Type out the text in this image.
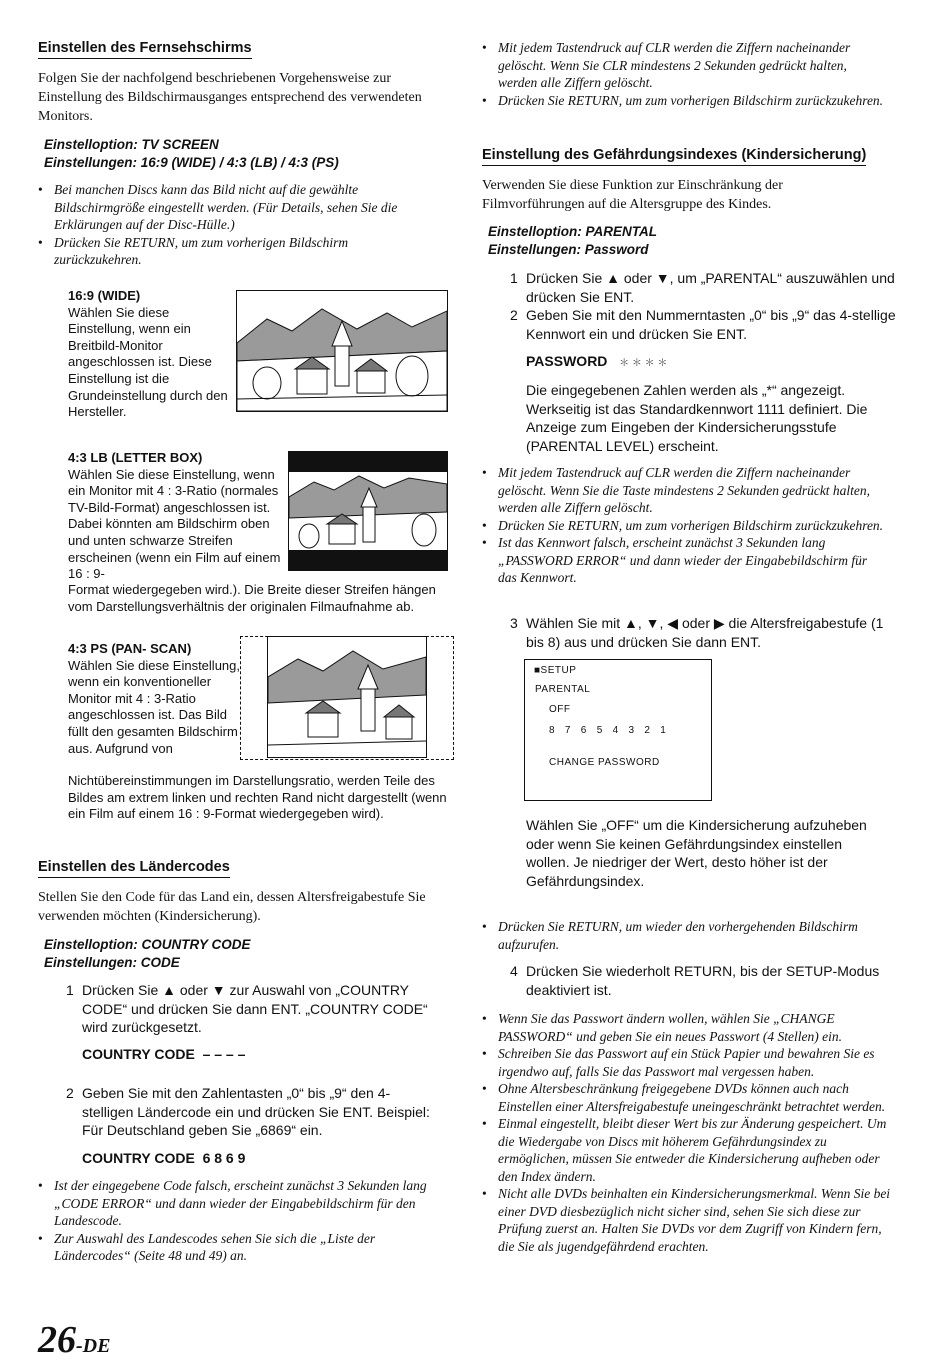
Einstellen des Fernsehschirms
Folgen Sie der nachfolgend beschriebenen Vorgehensweise zur Einstellung des Bildschirmausganges entsprechend des verwendeten Monitors.
Einstelloption: TV SCREEN
Einstellungen: 16:9 (WIDE) / 4:3 (LB) / 4:3 (PS)
• Bei manchen Discs kann das Bild nicht auf die gewählte Bildschirmgröße eingestellt werden. (Für Details, sehen Sie die Erklärungen auf der Disc-Hülle.)
• Drücken Sie RETURN, um zum vorherigen Bildschirm zurückzukehren.
16:9 (WIDE)
Wählen Sie diese Einstellung, wenn ein Breitbild-Monitor angeschlossen ist. Diese Einstellung ist die Grundeinstellung durch den Hersteller.
4:3 LB (LETTER BOX)
Wählen Sie diese Einstellung, wenn ein Monitor mit 4 : 3-Ratio (normales TV-Bild-Format) angeschlossen ist. Dabei könnten am Bildschirm oben und unten schwarze Streifen erscheinen (wenn ein Film auf einem 16 : 9-
Format wiedergegeben wird.). Die Breite dieser Streifen hängen vom Darstellungsverhältnis der originalen Filmaufnahme ab.
4:3 PS (PAN- SCAN)
Wählen Sie diese Einstellung, wenn ein konventioneller Monitor mit 4 : 3-Ratio angeschlossen ist. Das Bild füllt den gesamten Bildschirm aus. Aufgrund von
Nichtübereinstimmungen im Darstellungsratio, werden Teile des Bildes am extrem linken und rechten Rand nicht dargestellt (wenn ein Film auf einem 16 : 9-Format wiedergegeben wird).
Einstellen des Ländercodes
Stellen Sie den Code für das Land ein, dessen Altersfreigabestufe Sie verwenden möchten (Kindersicherung).
Einstelloption: COUNTRY CODE
Einstellungen: CODE
1 Drücken Sie ▲ oder ▼ zur Auswahl von „COUNTRY CODE“ und drücken Sie dann ENT. „COUNTRY CODE“ wird zurückgesetzt.
COUNTRY CODE – – – –
2 Geben Sie mit den Zahlentasten „0“ bis „9“ den 4-stelligen Ländercode ein und drücken Sie ENT. Beispiel: Für Deutschland geben Sie „6869“ ein.
COUNTRY CODE 6 8 6 9
• Ist der eingegebene Code falsch, erscheint zunächst 3 Sekunden lang „CODE ERROR“ und dann wieder der Eingabebildschirm für den Landescode.
• Zur Auswahl des Landescodes sehen Sie sich die „Liste der Ländercodes“ (Seite 48 und 49) an.
• Mit jedem Tastendruck auf CLR werden die Ziffern nacheinander gelöscht. Wenn Sie CLR mindestens 2 Sekunden gedrückt halten, werden alle Ziffern gelöscht.
• Drücken Sie RETURN, um zum vorherigen Bildschirm zurückzukehren.
Einstellung des Gefährdungsindexes (Kindersicherung)
Verwenden Sie diese Funktion zur Einschränkung der Filmvorführungen auf die Altersgruppe des Kindes.
Einstelloption: PARENTAL
Einstellungen: Password
1 Drücken Sie ▲ oder ▼, um „PARENTAL“ auszuwählen und drücken Sie ENT.
2 Geben Sie mit den Nummerntasten „0“ bis „9“ das 4-stellige Kennwort ein und drücken Sie ENT.
PASSWORD ＊ ＊ ＊ ＊
Die eingegebenen Zahlen werden als „*“ angezeigt. Werkseitig ist das Standardkennwort 1111 definiert. Die Anzeige zum Eingeben der Kindersicherungsstufe (PARENTAL LEVEL) erscheint.
• Mit jedem Tastendruck auf CLR werden die Ziffern nacheinander gelöscht. Wenn Sie die Taste mindestens 2 Sekunden gedrückt halten, werden alle Ziffern gelöscht.
• Drücken Sie RETURN, um zum vorherigen Bildschirm zurückzukehren.
• Ist das Kennwort falsch, erscheint zunächst 3 Sekunden lang „PASSWORD ERROR“ und dann wieder der Eingabebildschirm für das Kennwort.
3 Wählen Sie mit ▲, ▼, ◀ oder ▶ die Altersfreigabestufe (1 bis 8) aus und drücken Sie dann ENT.
■SETUP
PARENTAL
OFF
8   7   6   5   4   3   2   1
CHANGE PASSWORD
Wählen Sie „OFF“ um die Kindersicherung aufzuheben oder wenn Sie keinen Gefährdungsindex einstellen wollen. Je niedriger der Wert, desto höher ist der Gefährdungsindex.
• Drücken Sie RETURN, um wieder den vorhergehenden Bildschirm aufzurufen.
4 Drücken Sie wiederholt RETURN, bis der SETUP-Modus deaktiviert ist.
• Wenn Sie das Passwort ändern wollen, wählen Sie „CHANGE PASSWORD“ und geben Sie ein neues Passwort (4 Stellen) ein.
• Schreiben Sie das Passwort auf ein Stück Papier und bewahren Sie es irgendwo auf, falls Sie das Passwort mal vergessen haben.
• Ohne Altersbeschränkung freigegebene DVDs können auch nach Einstellen einer Altersfreigabestufe uneingeschränkt betrachtet werden.
• Einmal eingestellt, bleibt dieser Wert bis zur Änderung gespeichert. Um die Wiedergabe von Discs mit höherem Gefährdungsindex zu ermöglichen, müssen Sie entweder die Kindersicherung aufheben oder den Index ändern.
• Nicht alle DVDs beinhalten ein Kindersicherungsmerkmal. Wenn Sie bei einer DVD diesbezüglich nicht sicher sind, sehen Sie sich diese zur Prüfung zuerst an. Halten Sie DVDs vor dem Zugriff von Kindern fern, die Sie als jugendgefährdend erachten.
26-DE
